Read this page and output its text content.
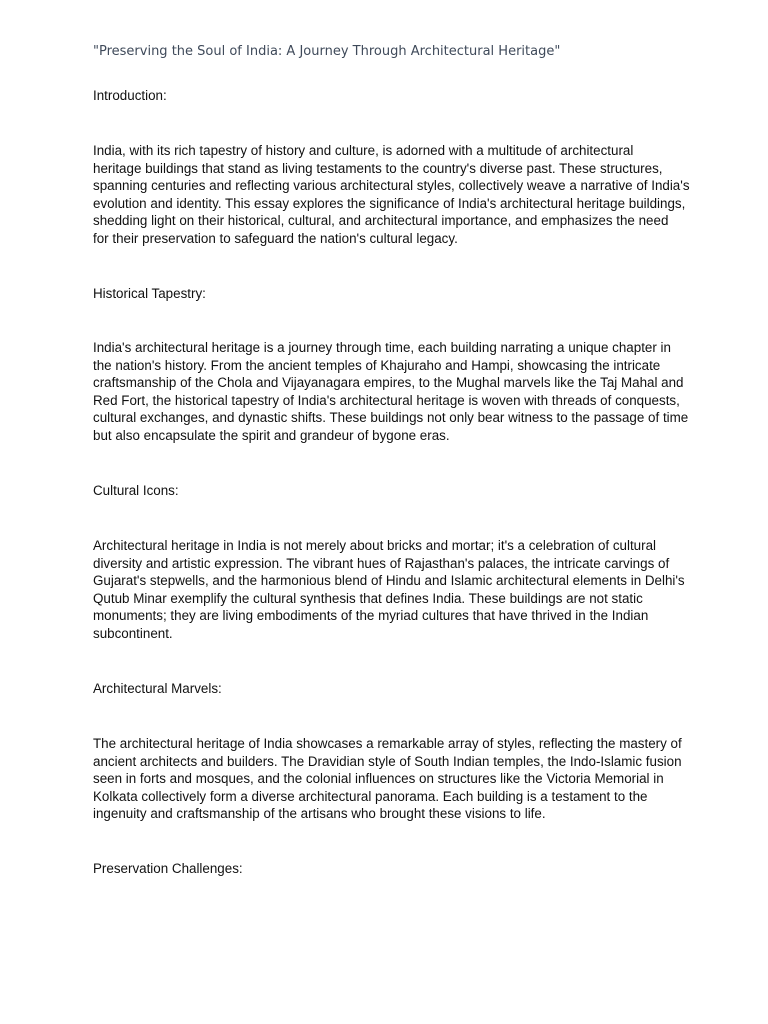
"Preserving the Soul of India: A Journey Through Architectural Heritage"
Introduction:
India, with its rich tapestry of history and culture, is adorned with a multitude of architectural
heritage buildings that stand as living testaments to the country's diverse past. These structures,
spanning centuries and reflecting various architectural styles, collectively weave a narrative of India's
evolution and identity. This essay explores the significance of India's architectural heritage buildings,
shedding light on their historical, cultural, and architectural importance, and emphasizes the need
for their preservation to safeguard the nation's cultural legacy.
Historical Tapestry:
India's architectural heritage is a journey through time, each building narrating a unique chapter in
the nation's history. From the ancient temples of Khajuraho and Hampi, showcasing the intricate
craftsmanship of the Chola and Vijayanagara empires, to the Mughal marvels like the Taj Mahal and
Red Fort, the historical tapestry of India's architectural heritage is woven with threads of conquests,
cultural exchanges, and dynastic shifts. These buildings not only bear witness to the passage of time
but also encapsulate the spirit and grandeur of bygone eras.
Cultural Icons:
Architectural heritage in India is not merely about bricks and mortar; it's a celebration of cultural
diversity and artistic expression. The vibrant hues of Rajasthan's palaces, the intricate carvings of
Gujarat's stepwells, and the harmonious blend of Hindu and Islamic architectural elements in Delhi's
Qutub Minar exemplify the cultural synthesis that defines India. These buildings are not static
monuments; they are living embodiments of the myriad cultures that have thrived in the Indian
subcontinent.
Architectural Marvels:
The architectural heritage of India showcases a remarkable array of styles, reflecting the mastery of
ancient architects and builders. The Dravidian style of South Indian temples, the Indo-Islamic fusion
seen in forts and mosques, and the colonial influences on structures like the Victoria Memorial in
Kolkata collectively form a diverse architectural panorama. Each building is a testament to the
ingenuity and craftsmanship of the artisans who brought these visions to life.
Preservation Challenges:
